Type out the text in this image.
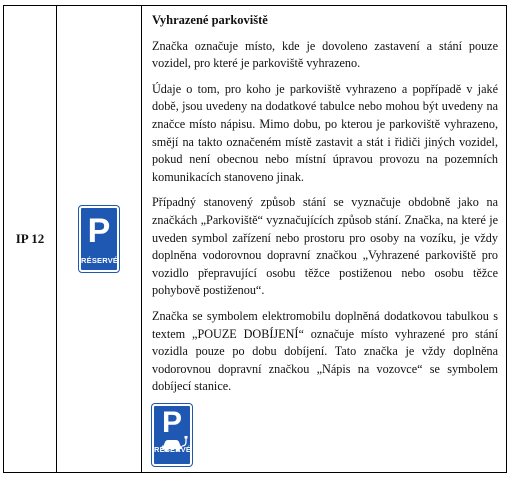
IP 12 P
RÉSERVÉ
Vyhrazené parkoviště

Značka označuje místo, kde je dovoleno zastavení a stání pouze vozidel, pro které je parkoviště vyhrazeno.

Údaje o tom, pro koho je parkoviště vyhrazeno a popřípadě v jaké době, jsou uvedeny na dodatkové tabulce nebo mohou být uvedeny na značce místo nápisu. Mimo dobu, po kterou je parkoviště vyhrazeno, smějí na takto označeném místě zastavit a stát i řidiči jiných vozidel, pokud není obecnou nebo místní úpravou provozu na pozemních komunikacích stanoveno jinak.

Případný stanovený způsob stání se vyznačuje obdobně jako na značkách „Parkoviště“ vyznačujících způsob stání. Značka, na které je uveden symbol zařízení nebo prostoru pro osoby na vozíku, je vždy doplněna vodorovnou dopravní značkou „Vyhrazené parkoviště pro vozidlo přepravující osobu těžce postiženou nebo osobu těžce pohybově postiženou“.

Značka se symbolem elektromobilu doplněná dodatkovou tabulkou s textem „POUZE DOBÍJENÍ“ označuje místo vyhrazené pro stání vozidla pouze po dobu dobíjení. Tato značka je vždy doplněna vodorovnou dopravní značkou „Nápis na vozovce“ se symbolem dobíjecí stanice.

P
RÉSERVÉ
